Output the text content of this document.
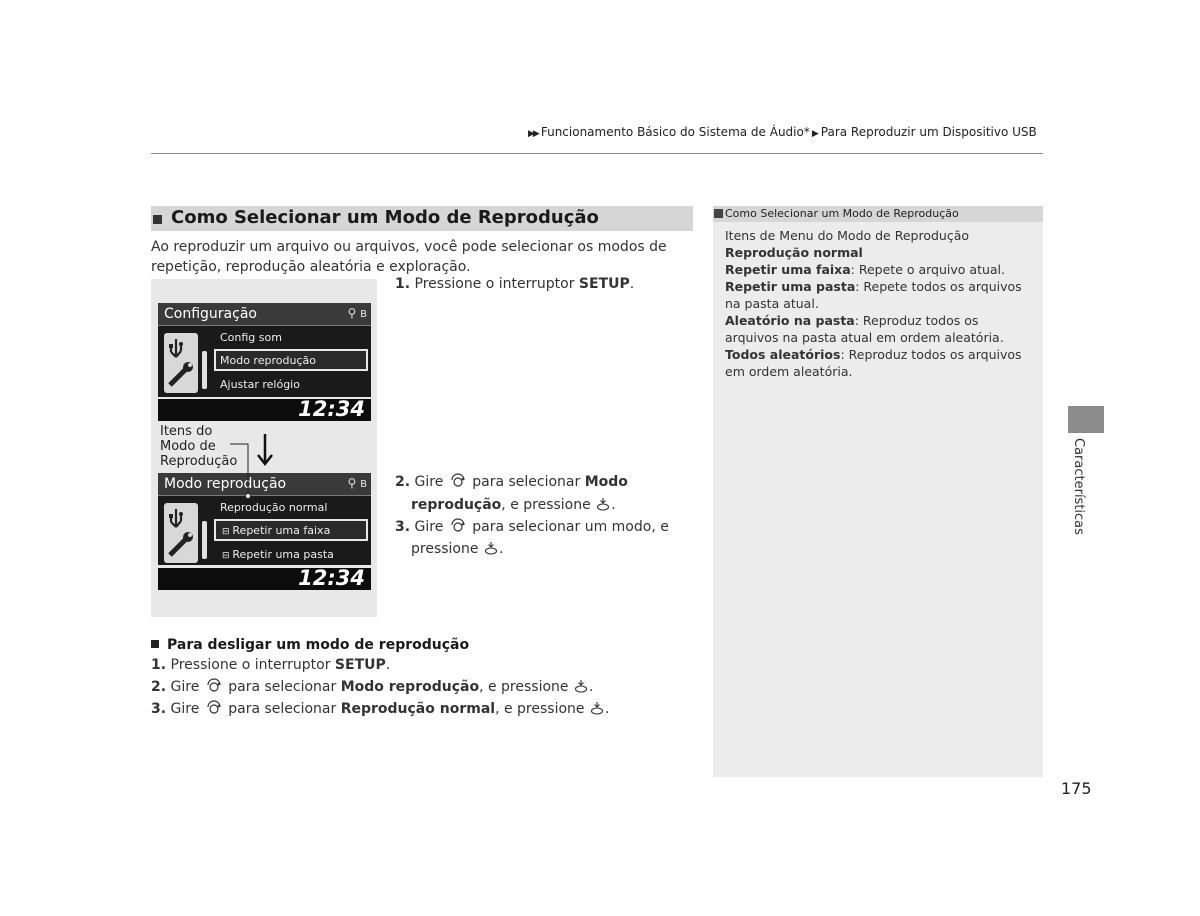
▶▶ Funcionamento Básico do Sistema de Áudio* ▶ Para Reproduzir um Dispositivo USB
Como Selecionar um Modo de Reprodução
Ao reproduzir um arquivo ou arquivos, você pode selecionar os modos de repetição, reprodução aleatória e exploração.
1. Pressione o interruptor SETUP.
2. Gire  para selecionar Modo
reprodução, e pressione .
3. Gire  para selecionar um modo, e
pressione .
Configuração	⚲ ʙ
Config som
Modo reprodução
Ajustar relógio
12:34
Modo reprodução	⚲ ʙ
Reprodução normal
⊟ Repetir uma faixa
⊟ Repetir uma pasta
12:34
Itens do
Modo de
Reprodução
Para desligar um modo de reprodução
1. Pressione o interruptor SETUP.
2. Gire  para selecionar Modo reprodução, e pressione .
3. Gire  para selecionar Reprodução normal, e pressione .
Como Selecionar um Modo de Reprodução
Itens de Menu do Modo de Reprodução
Reprodução normal
Repetir uma faixa: Repete o arquivo atual.
Repetir uma pasta: Repete todos os arquivos na pasta atual.
Aleatório na pasta: Reproduz todos os arquivos na pasta atual em ordem aleatória.
Todos aleatórios: Reproduz todos os arquivos em ordem aleatória.
Características
175
